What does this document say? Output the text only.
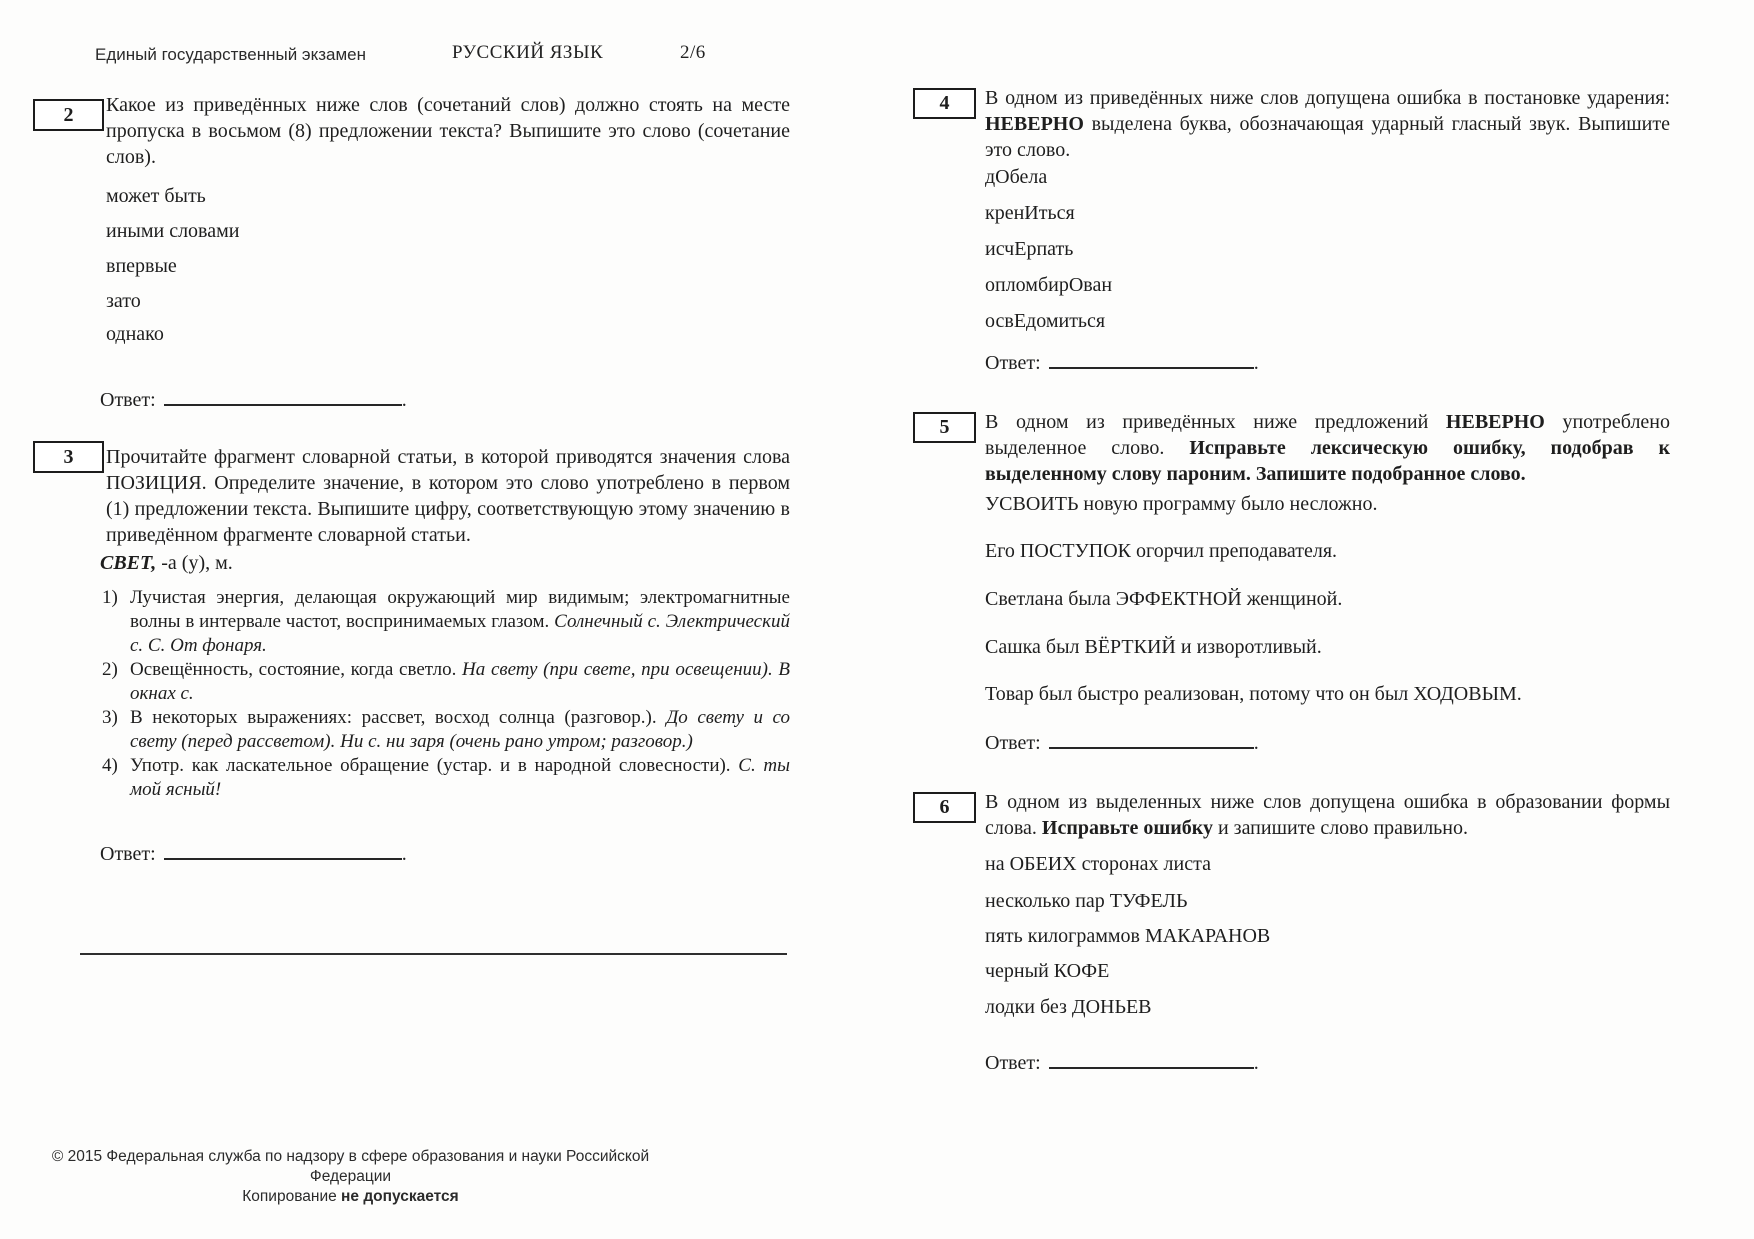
Единый государственный экзамен	РУССКИЙ ЯЗЫК	2/6
2	Какое из приведённых ниже слов (сочетаний слов) должно стоять на месте пропуска в восьмом (8) предложении текста? Выпишите это слово (сочетание слов).
может быть
иными словами
впервые
зато
однако
Ответ:	.
3	Прочитайте фрагмент словарной статьи, в которой приводятся значения слова ПОЗИЦИЯ. Определите значение, в котором это слово употреблено в первом (1) предложении текста. Выпишите цифру, соответствующую этому значению в приведённом фрагменте словарной статьи.
СВЕТ, -а (у), м.
1) Лучистая энергия, делающая окружающий мир видимым; электромагнитные волны в интервале частот, воспринимаемых глазом. Солнечный с. Электрический с. С. От фонаря.
2) Освещённость, состояние, когда светло. На свету (при свете, при освещении). В окнах с.
3) В некоторых выражениях: рассвет, восход солнца (разговор.). До свету и со свету (перед рассветом). Ни с. ни заря (очень рано утром; разговор.)
4) Употр. как ласкательное обращение (устар. и в народной словесности). С. ты мой ясный!
Ответ:	.
© 2015 Федеральная служба по надзору в сфере образования и науки Российской Федерации
Копирование не допускается
4	В одном из приведённых ниже слов допущена ошибка в постановке ударения: НЕВЕРНО выделена буква, обозначающая ударный гласный звук. Выпишите это слово.
дОбела
кренИться
исчЕрпать
опломбирОван
освЕдомиться
Ответ:	.
5	В одном из приведённых ниже предложений НЕВЕРНО употреблено выделенное слово. Исправьте лексическую ошибку, подобрав к выделенному слову пароним. Запишите подобранное слово.
УСВОИТЬ новую программу было несложно.
Его ПОСТУПОК огорчил преподавателя.
Светлана была ЭФФЕКТНОЙ женщиной.
Сашка был ВЁРТКИЙ и изворотливый.
Товар был быстро реализован, потому что он был ХОДОВЫМ.
Ответ:	.
6	В одном из выделенных ниже слов допущена ошибка в образовании формы слова. Исправьте ошибку и запишите слово правильно.
на ОБЕИХ сторонах листа
несколько пар ТУФЕЛЬ
пять килограммов МАКАРАНОВ
черный КОФЕ
лодки без ДОНЬЕВ
Ответ:	.
